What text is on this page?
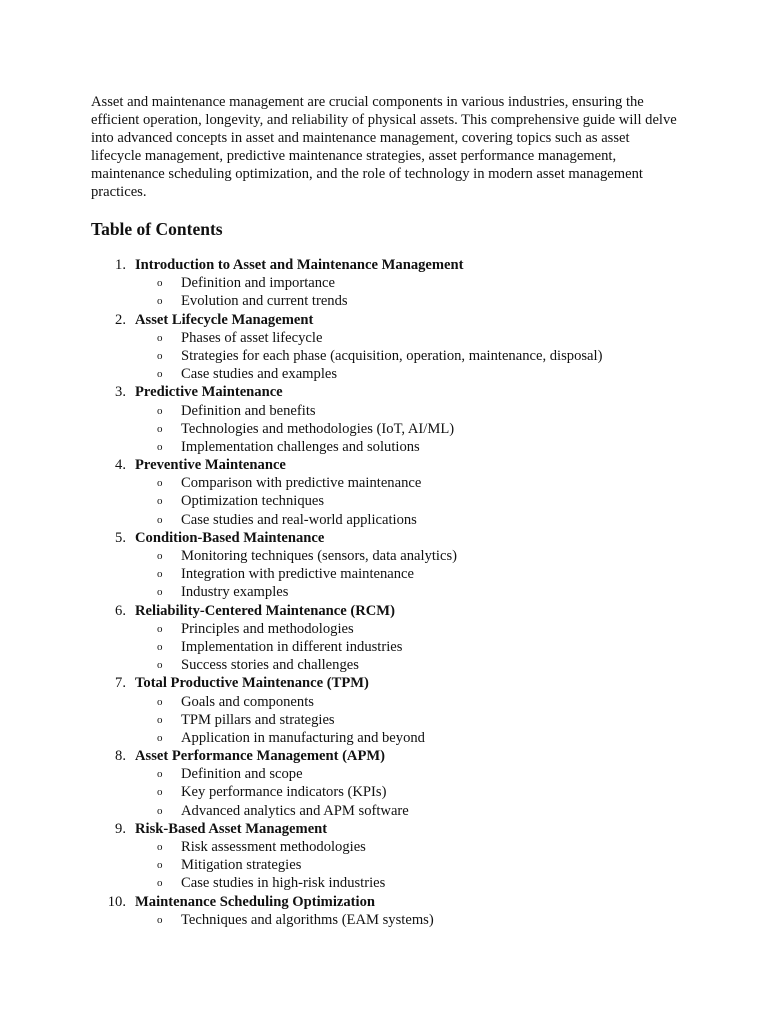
Asset and maintenance management are crucial components in various industries, ensuring the efficient operation, longevity, and reliability of physical assets. This comprehensive guide will delve into advanced concepts in asset and maintenance management, covering topics such as asset lifecycle management, predictive maintenance strategies, asset performance management, maintenance scheduling optimization, and the role of technology in modern asset management practices.

Table of Contents
1. Introduction to Asset and Maintenance Management
o Definition and importance
o Evolution and current trends
2. Asset Lifecycle Management
o Phases of asset lifecycle
o Strategies for each phase (acquisition, operation, maintenance, disposal)
o Case studies and examples
3. Predictive Maintenance
o Definition and benefits
o Technologies and methodologies (IoT, AI/ML)
o Implementation challenges and solutions
4. Preventive Maintenance
o Comparison with predictive maintenance
o Optimization techniques
o Case studies and real-world applications
5. Condition-Based Maintenance
o Monitoring techniques (sensors, data analytics)
o Integration with predictive maintenance
o Industry examples
6. Reliability-Centered Maintenance (RCM)
o Principles and methodologies
o Implementation in different industries
o Success stories and challenges
7. Total Productive Maintenance (TPM)
o Goals and components
o TPM pillars and strategies
o Application in manufacturing and beyond
8. Asset Performance Management (APM)
o Definition and scope
o Key performance indicators (KPIs)
o Advanced analytics and APM software
9. Risk-Based Asset Management
o Risk assessment methodologies
o Mitigation strategies
o Case studies in high-risk industries
10. Maintenance Scheduling Optimization
o Techniques and algorithms (EAM systems)
